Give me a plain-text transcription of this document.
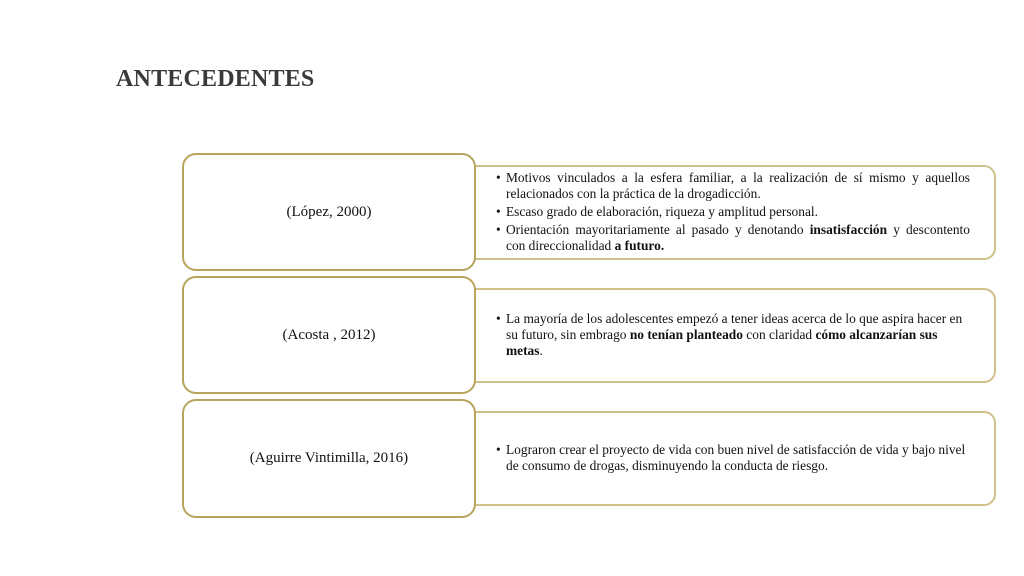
ANTECEDENTES
• Motivos vinculados a la esfera familiar, a la realización de sí mismo y aquellos relacionados con la práctica de la drogadicción.
• Escaso grado de elaboración, riqueza y amplitud personal.
• Orientación mayoritariamente al pasado y denotando insatisfacción y descontento con direccionalidad a futuro.
(López, 2000)
• La mayoría de los adolescentes empezó a tener ideas acerca de lo que aspira hacer en su futuro, sin embrago no tenían planteado con claridad cómo alcanzarían sus metas.
(Acosta , 2012)
• Lograron crear el proyecto de vida con buen nivel de satisfacción de vida y bajo nivel de consumo de drogas, disminuyendo la conducta de riesgo.
(Aguirre Vintimilla, 2016)
